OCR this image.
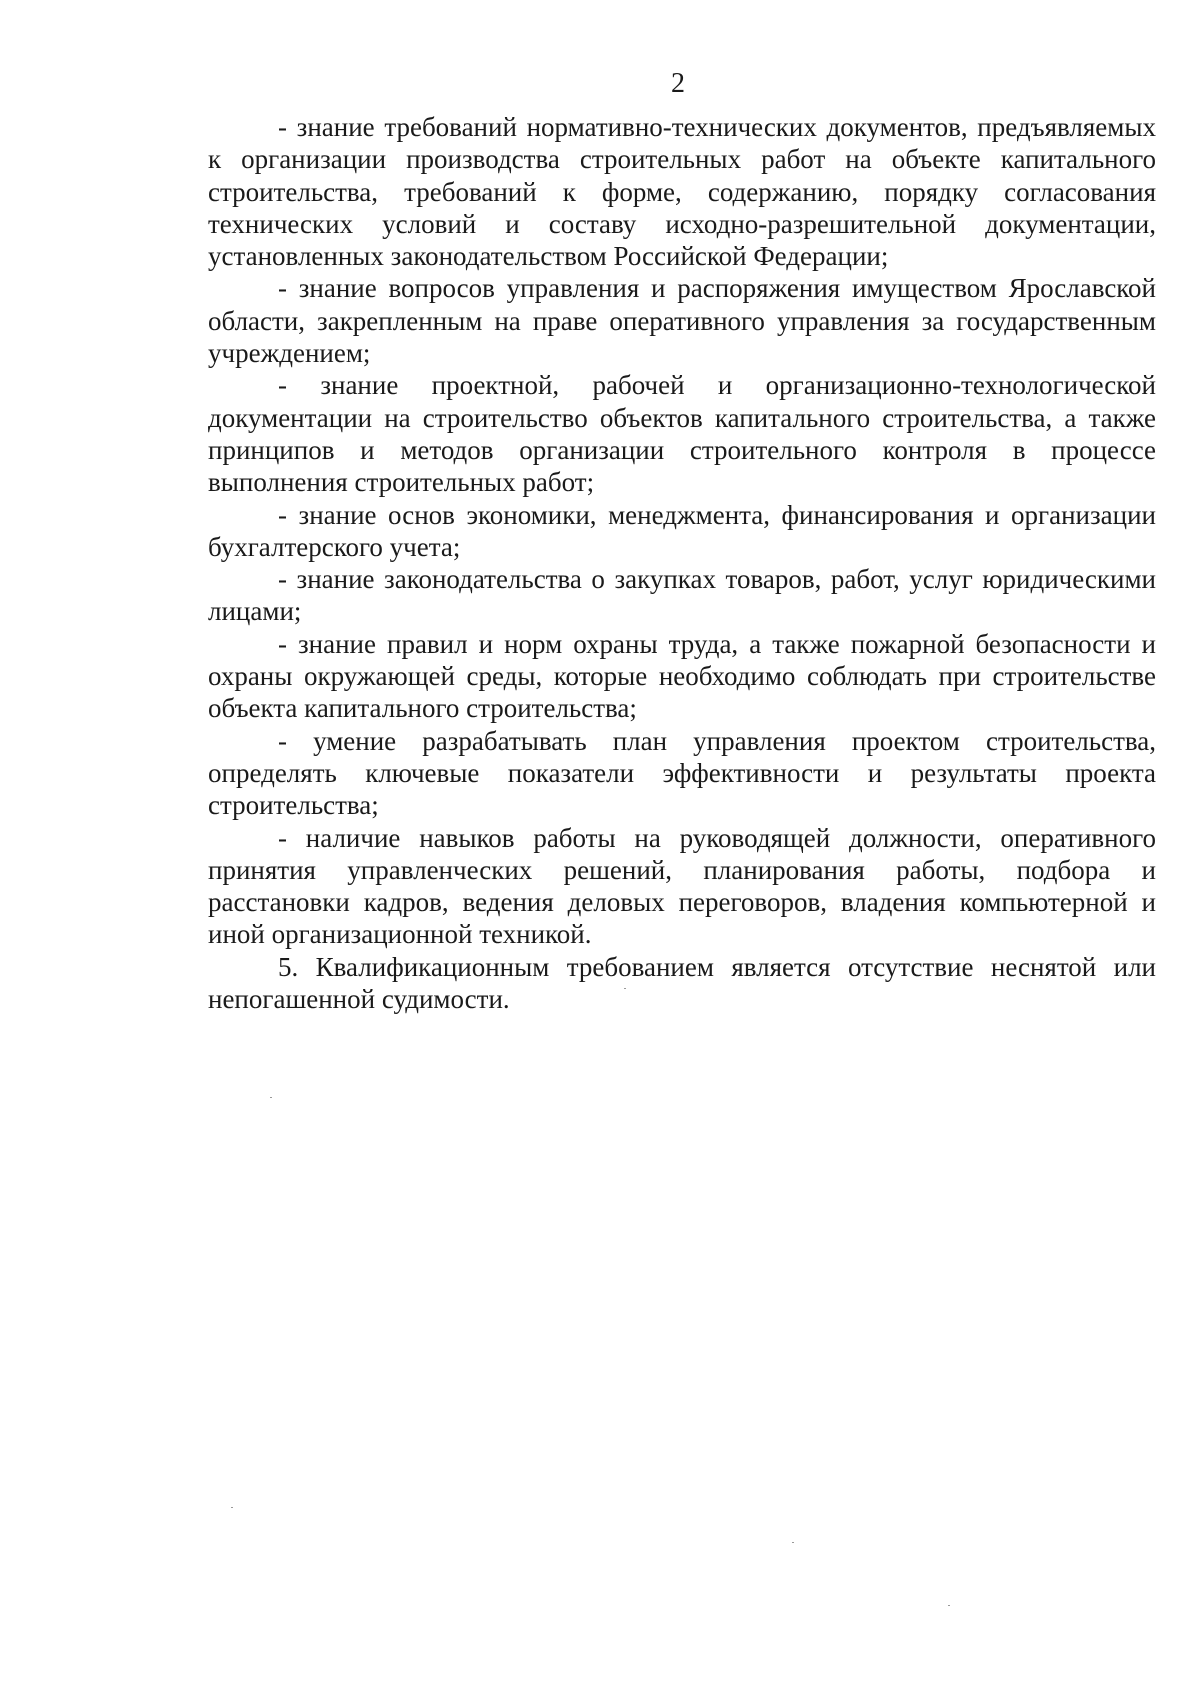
2

- знание требований нормативно-технических документов, предъявляемых к организации производства строительных работ на объекте капитального строительства, требований к форме, содержанию, порядку согласования технических условий и составу исходно-разрешительной документации, установленных законодательством Российской Федерации;

- знание вопросов управления и распоряжения имуществом Ярославской области, закрепленным на праве оперативного управления за государственным учреждением;

- знание проектной, рабочей и организационно-технологической документации на строительство объектов капитального строительства, а также принципов и методов организации строительного контроля в процессе выполнения строительных работ;

- знание основ экономики, менеджмента, финансирования и организации бухгалтерского учета;

- знание законодательства о закупках товаров, работ, услуг юридическими лицами;

- знание правил и норм охраны труда, а также пожарной безопасности и охраны окружающей среды, которые необходимо соблюдать при строительстве объекта капитального строительства;

- умение разрабатывать план управления проектом строительства, определять ключевые показатели эффективности и результаты проекта строительства;

- наличие навыков работы на руководящей должности, оперативного принятия управленческих решений, планирования работы, подбора и расстановки кадров, ведения деловых переговоров, владения компьютерной и иной организационной техникой.

5. Квалификационным требованием является отсутствие неснятой или непогашенной судимости.
